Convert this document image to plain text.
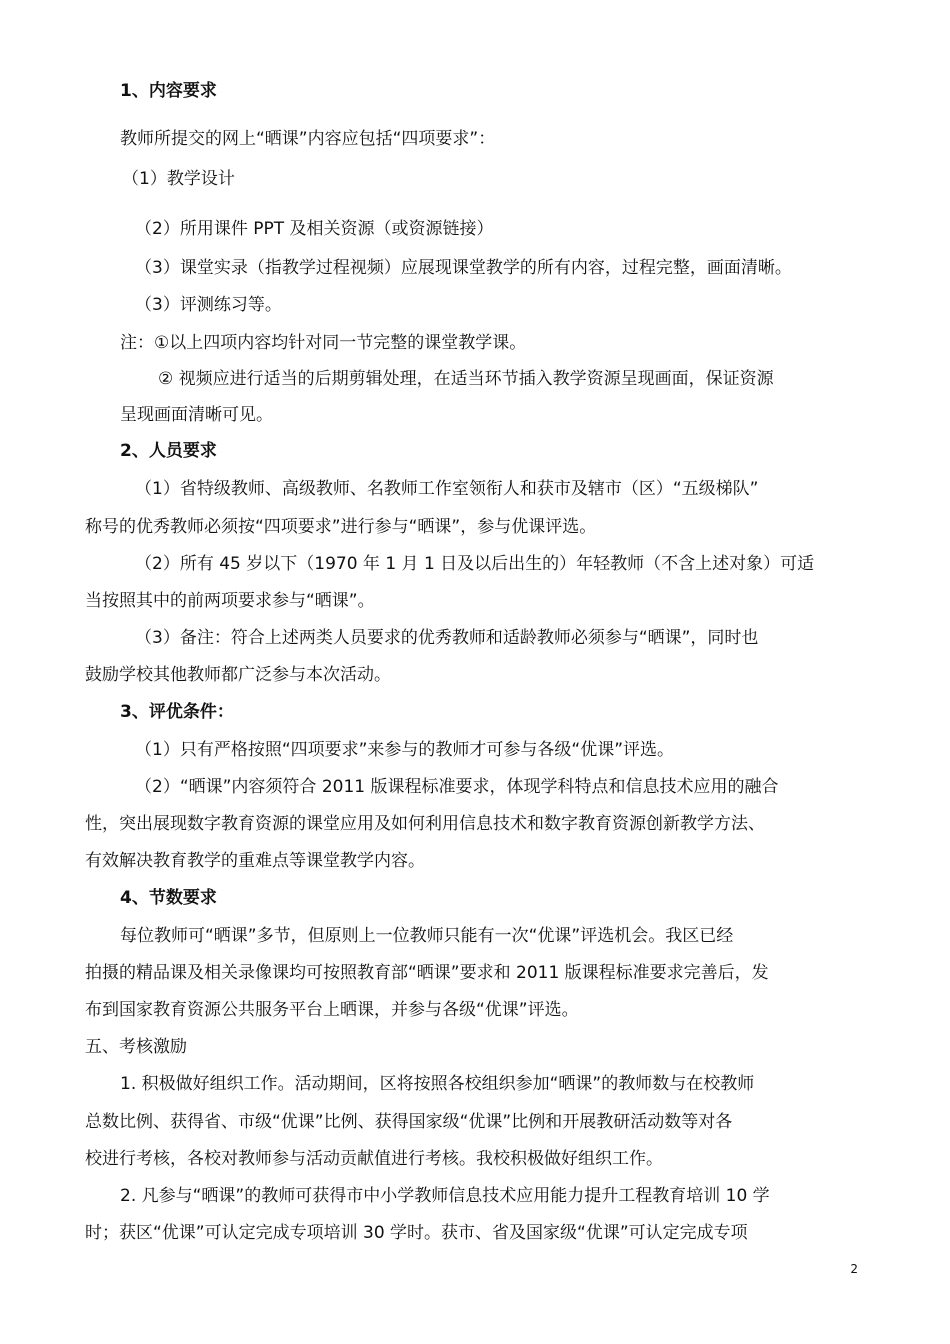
1、内容要求
教师所提交的网上“晒课”内容应包括“四项要求”：
（1）教学设计
（2）所用课件 PPT 及相关资源（或资源链接）
（3）课堂实录（指教学过程视频）应展现课堂教学的所有内容，过程完整，画面清晰。
（3）评测练习等。
注：①以上四项内容均针对同一节完整的课堂教学课。
② 视频应进行适当的后期剪辑处理，在适当环节插入教学资源呈现画面，保证资源
呈现画面清晰可见。
2、人员要求
（1）省特级教师、高级教师、名教师工作室领衔人和获市及辖市（区）“五级梯队”
称号的优秀教师必须按“四项要求”进行参与“晒课”，参与优课评选。
（2）所有 45 岁以下（1970 年 1 月 1 日及以后出生的）年轻教师（不含上述对象）可适
当按照其中的前两项要求参与“晒课”。
（3）备注：符合上述两类人员要求的优秀教师和适龄教师必须参与“晒课”，同时也
鼓励学校其他教师都广泛参与本次活动。
3、评优条件：
（1）只有严格按照“四项要求”来参与的教师才可参与各级“优课”评选。
（2）“晒课”内容须符合 2011 版课程标准要求，体现学科特点和信息技术应用的融合
性，突出展现数字教育资源的课堂应用及如何利用信息技术和数字教育资源创新教学方法、
有效解决教育教学的重难点等课堂教学内容。
4、节数要求
每位教师可“晒课”多节，但原则上一位教师只能有一次“优课”评选机会。我区已经
拍摄的精品课及相关录像课均可按照教育部“晒课”要求和 2011 版课程标准要求完善后，发
布到国家教育资源公共服务平台上晒课，并参与各级“优课”评选。
五、考核激励
1. 积极做好组织工作。活动期间，区将按照各校组织参加“晒课”的教师数与在校教师
总数比例、获得省、市级“优课”比例、获得国家级“优课”比例和开展教研活动数等对各
校进行考核，各校对教师参与活动贡献值进行考核。我校积极做好组织工作。
2. 凡参与“晒课”的教师可获得市中小学教师信息技术应用能力提升工程教育培训 10 学
时；获区“优课”可认定完成专项培训 30 学时。获市、省及国家级“优课”可认定完成专项
2
